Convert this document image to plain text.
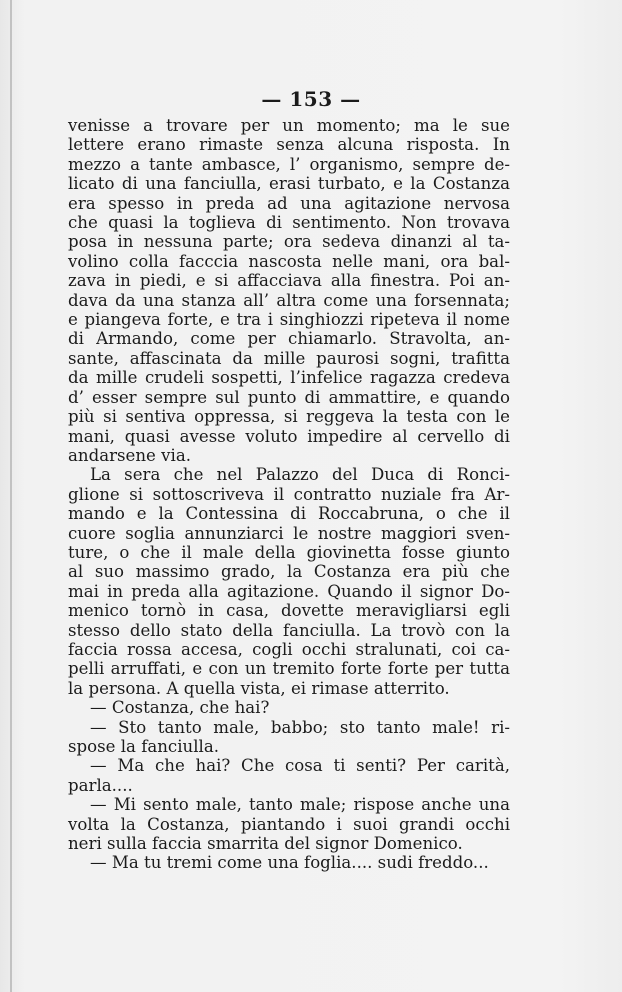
— 153 —
venisse a trovare per un momento; ma le sue
lettere erano rimaste senza alcuna risposta. In
mezzo a tante ambasce, l’ organismo, sempre de-
licato di una fanciulla, erasi turbato, e la Costanza
era spesso in preda ad una agitazione nervosa
che quasi la toglieva di sentimento. Non trovava
posa in nessuna parte; ora sedeva dinanzi al ta-
volino colla facccia nascosta nelle mani, ora bal-
zava in piedi, e si affacciava alla finestra. Poi an-
dava da una stanza all’ altra come una forsennata;
e piangeva forte, e tra i singhiozzi ripeteva il nome
di Armando, come per chiamarlo. Stravolta, an-
sante, affascinata da mille paurosi sogni, trafitta
da mille crudeli sospetti, l’infelice ragazza credeva
d’ esser sempre sul punto di ammattire, e quando
più si sentiva oppressa, si reggeva la testa con le
mani, quasi avesse voluto impedire al cervello di
andarsene via.
La sera che nel Palazzo del Duca di Ronci-
glione si sottoscriveva il contratto nuziale fra Ar-
mando e la Contessina di Roccabruna, o che il
cuore soglia annunziarci le nostre maggiori sven-
ture, o che il male della giovinetta fosse giunto
al suo massimo grado, la Costanza era più che
mai in preda alla agitazione. Quando il signor Do-
menico tornò in casa, dovette meravigliarsi egli
stesso dello stato della fanciulla. La trovò con la
faccia rossa accesa, cogli occhi stralunati, coi ca-
pelli arruffati, e con un tremito forte forte per tutta
la persona. A quella vista, ei rimase atterrito.
— Costanza, che hai?
— Sto tanto male, babbo; sto tanto male! ri-
spose la fanciulla.
— Ma che hai? Che cosa ti senti? Per carità,
parla....
— Mi sento male, tanto male; rispose anche una
volta la Costanza, piantando i suoi grandi occhi
neri sulla faccia smarrita del signor Domenico.
— Ma tu tremi come una foglia.... sudi freddo...
